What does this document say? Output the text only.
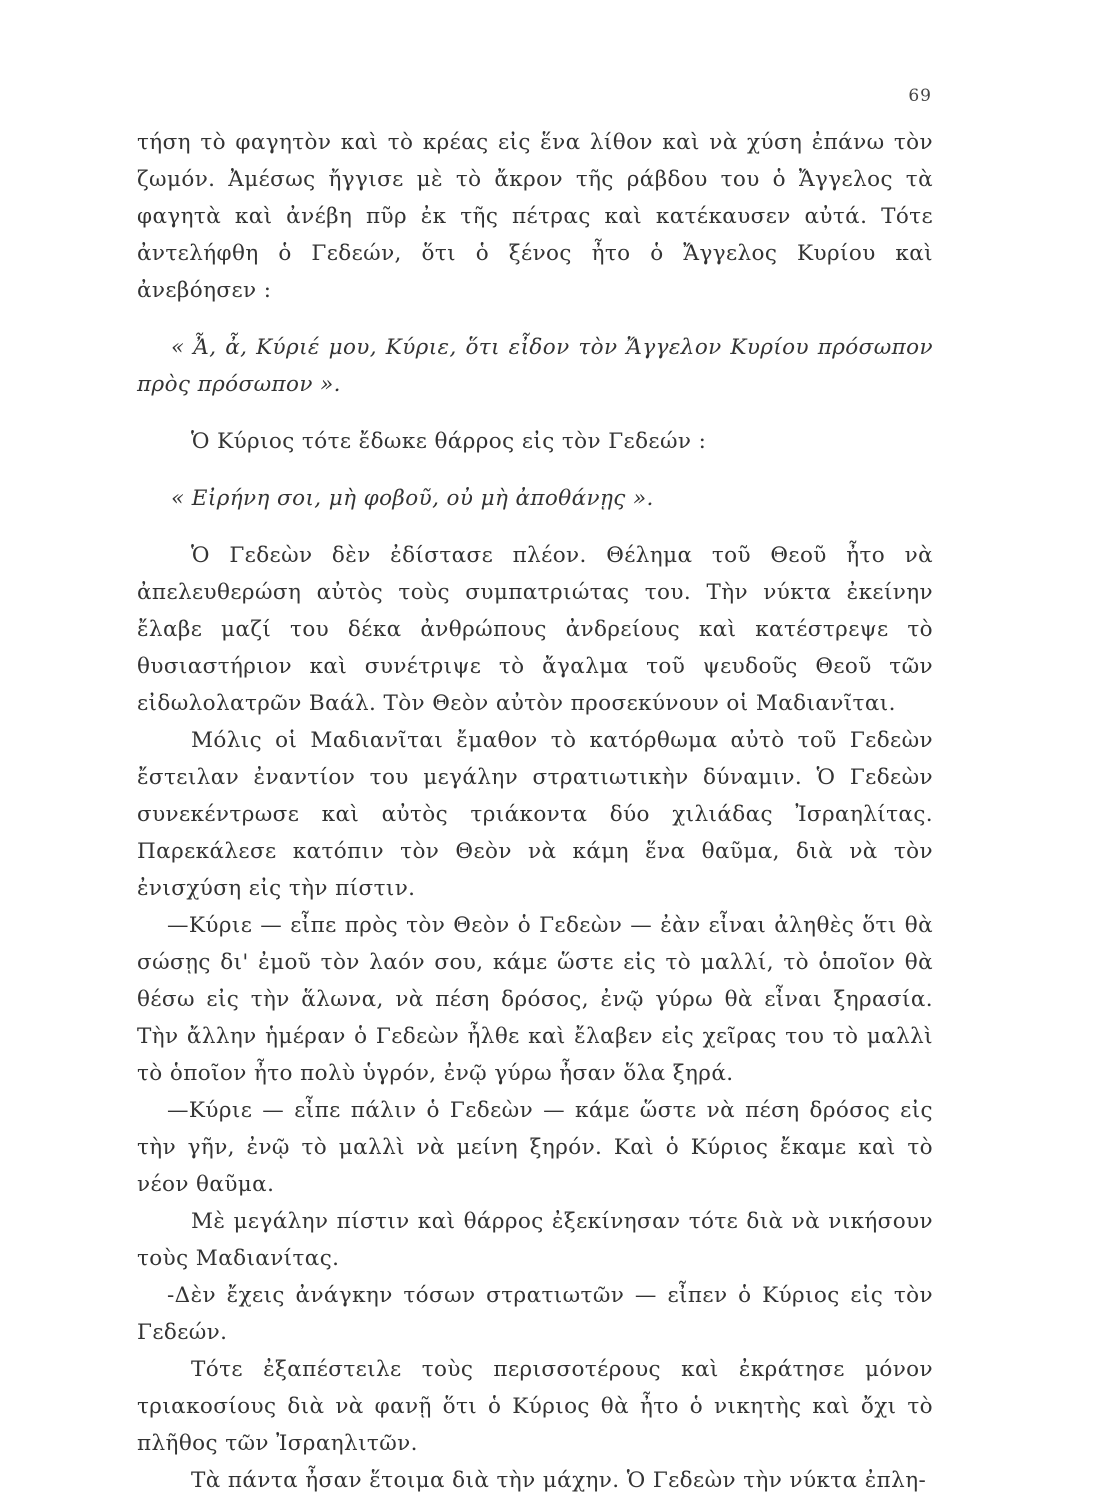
69

τήση τὸ φαγητὸν καὶ τὸ κρέας εἰς ἕνα λίθον καὶ νὰ χύση ἐπάνω τὸν ζωμόν. Ἀμέσως ἤγγισε μὲ τὸ ἄκρον τῆς ράβδου του ὁ Ἄγγελος τὰ φαγητὰ καὶ ἀνέβη πῦρ ἐκ τῆς πέτρας καὶ κατέκαυσεν αὐτά. Τότε ἀντελήφθη ὁ Γεδεών, ὅτι ὁ ξένος ἦτο ὁ Ἄγγελος Κυρίου καὶ ἀνεβόησεν :

« Ἆ, ἆ, Κύριέ μου, Κύριε, ὅτι εἶδον τὸν Ἄγγελον Κυρίου πρόσωπον πρὸς πρόσωπον ».

Ὁ Κύριος τότε ἔδωκε θάρρος εἰς τὸν Γεδεών :

« Εἰρήνη σοι, μὴ φοβοῦ, οὐ μὴ ἀποθάνῃς ».

Ὁ Γεδεὼν δὲν ἐδίστασε πλέον. Θέλημα τοῦ Θεοῦ ἦτο νὰ ἀπελευθερώση αὐτὸς τοὺς συμπατριώτας του. Τὴν νύκτα ἐκείνην ἔλαβε μαζί του δέκα ἀνθρώπους ἀνδρείους καὶ κατέστρεψε τὸ θυσιαστήριον καὶ συνέτριψε τὸ ἄγαλμα τοῦ ψευδοῦς Θεοῦ τῶν εἰδωλολατρῶν Βαάλ. Τὸν Θεὸν αὐτὸν προσεκύνουν οἱ Μαδιανῖται.

Μόλις οἱ Μαδιανῖται ἔμαθον τὸ κατόρθωμα αὐτὸ τοῦ Γεδεὼν ἔστειλαν ἐναντίον του μεγάλην στρατιωτικὴν δύναμιν. Ὁ Γεδεὼν συνεκέντρωσε καὶ αὐτὸς τριάκοντα δύο χιλιάδας Ἰσραηλίτας. Παρεκάλεσε κατόπιν τὸν Θεὸν νὰ κάμη ἕνα θαῦμα, διὰ νὰ τὸν ἐνισχύση εἰς τὴν πίστιν.

—Κύριε — εἶπε πρὸς τὸν Θεὸν ὁ Γεδεὼν — ἐὰν εἶναι ἀληθὲς ὅτι θὰ σώσῃς δι' ἐμοῦ τὸν λαόν σου, κάμε ὥστε εἰς τὸ μαλλί, τὸ ὁποῖον θὰ θέσω εἰς τὴν ἅλωνα, νὰ πέση δρόσος, ἐνῷ γύρω θὰ εἶναι ξηρασία. Τὴν ἄλλην ἡμέραν ὁ Γεδεὼν ἦλθε καὶ ἔλαβεν εἰς χεῖρας του τὸ μαλλὶ τὸ ὁποῖον ἦτο πολὺ ὑγρόν, ἐνῷ γύρω ἦσαν ὅλα ξηρά.

—Κύριε — εἶπε πάλιν ὁ Γεδεὼν — κάμε ὥστε νὰ πέση δρόσος εἰς τὴν γῆν, ἐνῷ τὸ μαλλὶ νὰ μείνη ξηρόν. Καὶ ὁ Κύριος ἔκαμε καὶ τὸ νέον θαῦμα.

Μὲ μεγάλην πίστιν καὶ θάρρος ἐξεκίνησαν τότε διὰ νὰ νικήσουν τοὺς Μαδιανίτας.

-Δὲν ἔχεις ἀνάγκην τόσων στρατιωτῶν — εἶπεν ὁ Κύριος εἰς τὸν Γεδεών.

Τότε ἐξαπέστειλε τοὺς περισσοτέρους καὶ ἐκράτησε μόνον τριακοσίους διὰ νὰ φανῇ ὅτι ὁ Κύριος θὰ ἦτο ὁ νικητὴς καὶ ὄχι τὸ πλῆθος τῶν Ἰσραηλιτῶν.

Τὰ πάντα ἦσαν ἕτοιμα διὰ τὴν μάχην. Ὁ Γεδεὼν τὴν νύκτα ἐπλη-
